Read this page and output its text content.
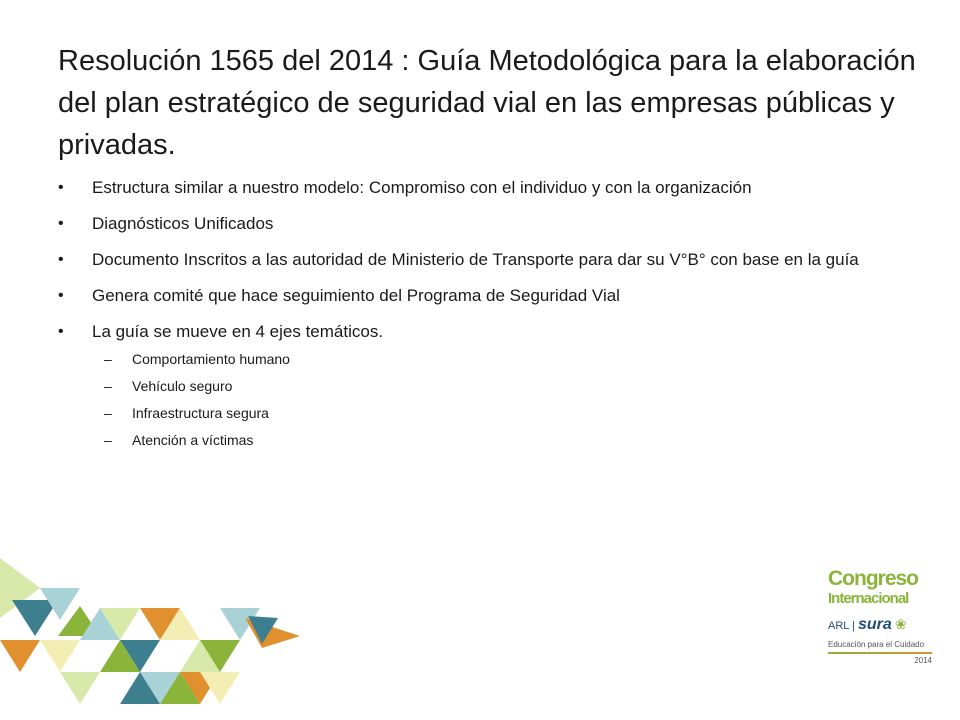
Resolución 1565 del 2014 : Guía Metodológica para la elaboración del plan estratégico de seguridad vial en las empresas públicas y privadas.
• Estructura similar a nuestro modelo: Compromiso con el individuo y con la organización
• Diagnósticos Unificados
• Documento Inscritos a las autoridad de Ministerio de Transporte para dar su V°B° con base en la guía
• Genera comité que hace seguimiento del Programa de Seguridad Vial
• La guía se mueve en 4 ejes temáticos.
– Comportamiento humano
– Vehículo seguro
– Infraestructura segura
– Atención a víctimas
Congreso
Internacional
ARL | sura ❀
Educación para el Cuidado
2014
